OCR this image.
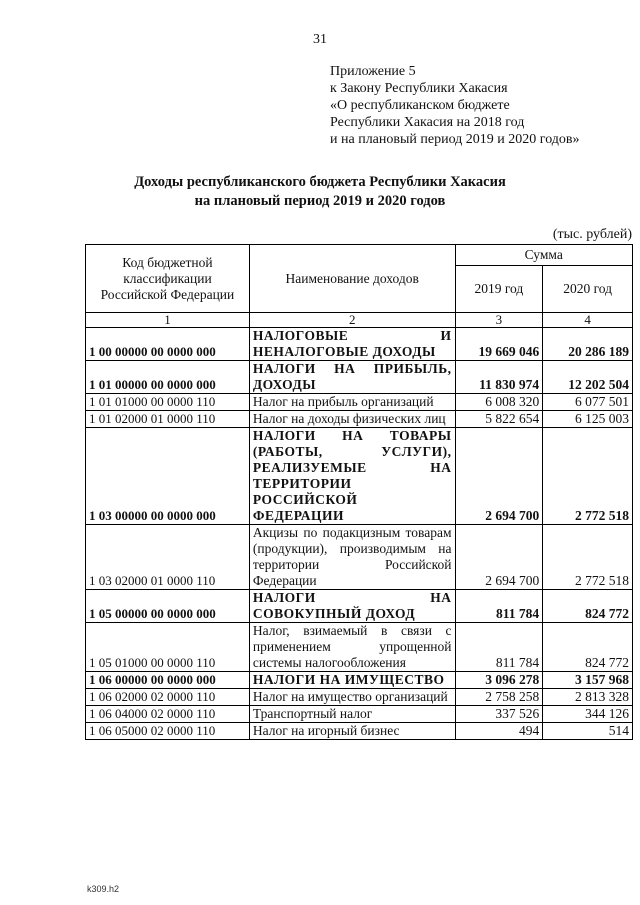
31
Приложение 5
к Закону Республики Хакасия
«О республиканском бюджете
Республики Хакасия на 2018 год
и на плановый период 2019 и 2020 годов»
Доходы республиканского бюджета Республики Хакасия
на плановый период 2019 и 2020 годов
(тыс. рублей)
Код бюджетной классификации Российской Федерации	Наименование доходов	Сумма	
		2019 год	2020 год
1	2	3	4
1 00 00000 00 0000 000	НАЛОГОВЫЕ И НЕНАЛОГОВЫЕ ДОХОДЫ	19 669 046	20 286 189
1 01 00000 00 0000 000	НАЛОГИ НА ПРИБЫЛЬ, ДОХОДЫ	11 830 974	12 202 504
1 01 01000 00 0000 110	Налог на прибыль организаций	6 008 320	6 077 501
1 01 02000 01 0000 110	Налог на доходы физических лиц	5 822 654	6 125 003
1 03 00000 00 0000 000	НАЛОГИ НА ТОВАРЫ (РАБОТЫ, УСЛУГИ), РЕАЛИЗУЕМЫЕ НА ТЕРРИТОРИИ РОССИЙСКОЙ ФЕДЕРАЦИИ	2 694 700	2 772 518
1 03 02000 01 0000 110	Акцизы по подакцизным товарам (продукции), производимым на территории Российской Федерации	2 694 700	2 772 518
1 05 00000 00 0000 000	НАЛОГИ НА СОВОКУПНЫЙ ДОХОД	811 784	824 772
1 05 01000 00 0000 110	Налог, взимаемый в связи с применением упрощенной системы налогообложения	811 784	824 772
1 06 00000 00 0000 000	НАЛОГИ НА ИМУЩЕСТВО	3 096 278	3 157 968
1 06 02000 02 0000 110	Налог на имущество организаций	2 758 258	2 813 328
1 06 04000 02 0000 110	Транспортный налог	337 526	344 126
1 06 05000 02 0000 110	Налог на игорный бизнес	494	514
k309.h2
